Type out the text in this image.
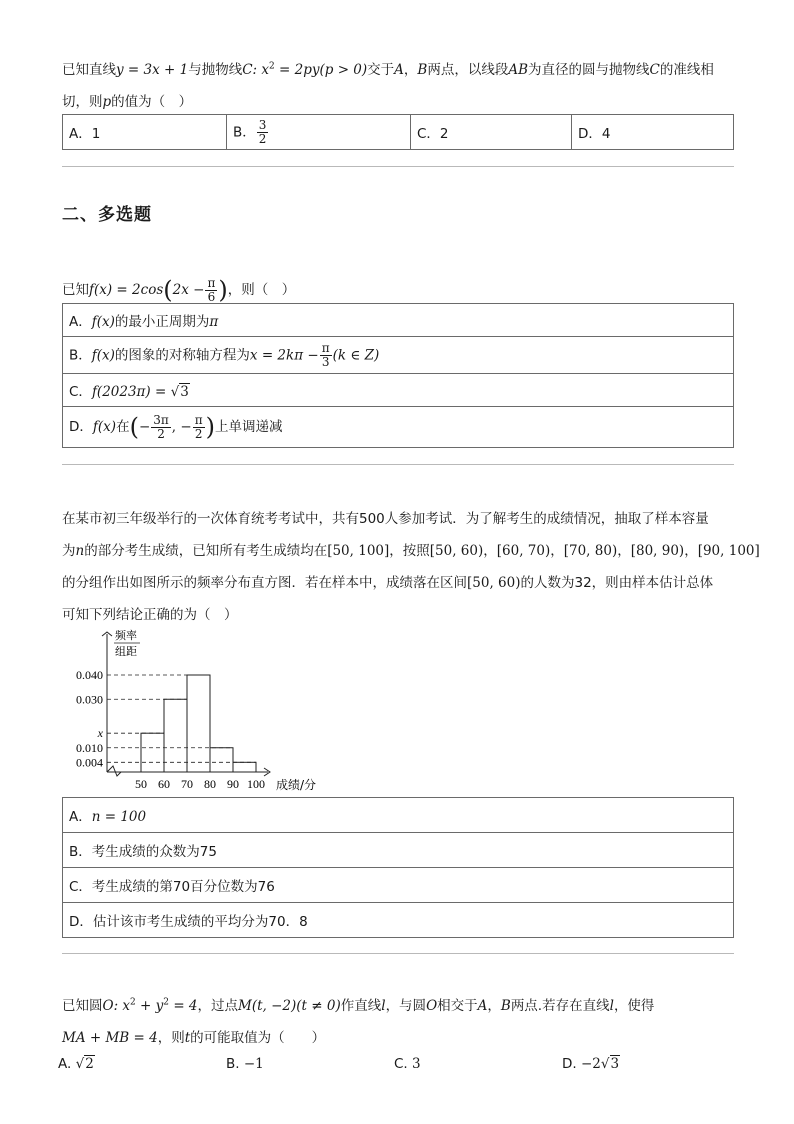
已知直线y = 3x + 1与抛物线C: $x^2 = 2py(p > 0)$交于A，B两点，以线段AB为直径的圆与抛物线C的准线相
切，则p的值为（　）
A．1	B． $\frac{3}{2}$	C．2	D．4
二、多选题
已知$f(x) = 2\cos(2x - \frac{\pi}{6}$ )，则（　）
A．f(x)的最小正周期为π
B．f(x)的图象的对称轴方程为$x = 2k\pi - \frac{\pi}{3} (k$ ∈ Z)
C．f(2023π) = √3
D．f(x)在(− $\frac{3\pi}{2}$ , − $\frac{\pi}{2}$ )上单调递减
在某市初三年级举行的一次体育统考考试中，共有500人参加考试．为了解考生的成绩情况，抽取了样本容量
为n的部分考生成绩，已知所有考生成绩均在[50, 100]，按照[50, 60)，[60, 70)，[70, 80)，[80, 90)，[90, 100]
的分组作出如图所示的频率分布直方图．若在样本中，成绩落在区间[50, 60)的人数为32，则由样本估计总体
可知下列结论正确的为（　）
频率
组距
成绩/分
0.040
0.030
x
0.010
0.004
50 60 70 80 90 100
A．n = 100
B．考生成绩的众数为75
C．考生成绩的第70百分位数为76
D．估计该市考生成绩的平均分为70．8
已知圆O: $x^2 + y^2 = 4$，过点M(t, −2)(t ≠ 0)作直线l，与圆O相交于A，B两点.若存在直线l，使得
MA + MB = 4，则t的可能取值为（　　）
A. √2	B. −1	C. 3	D. −2√3
